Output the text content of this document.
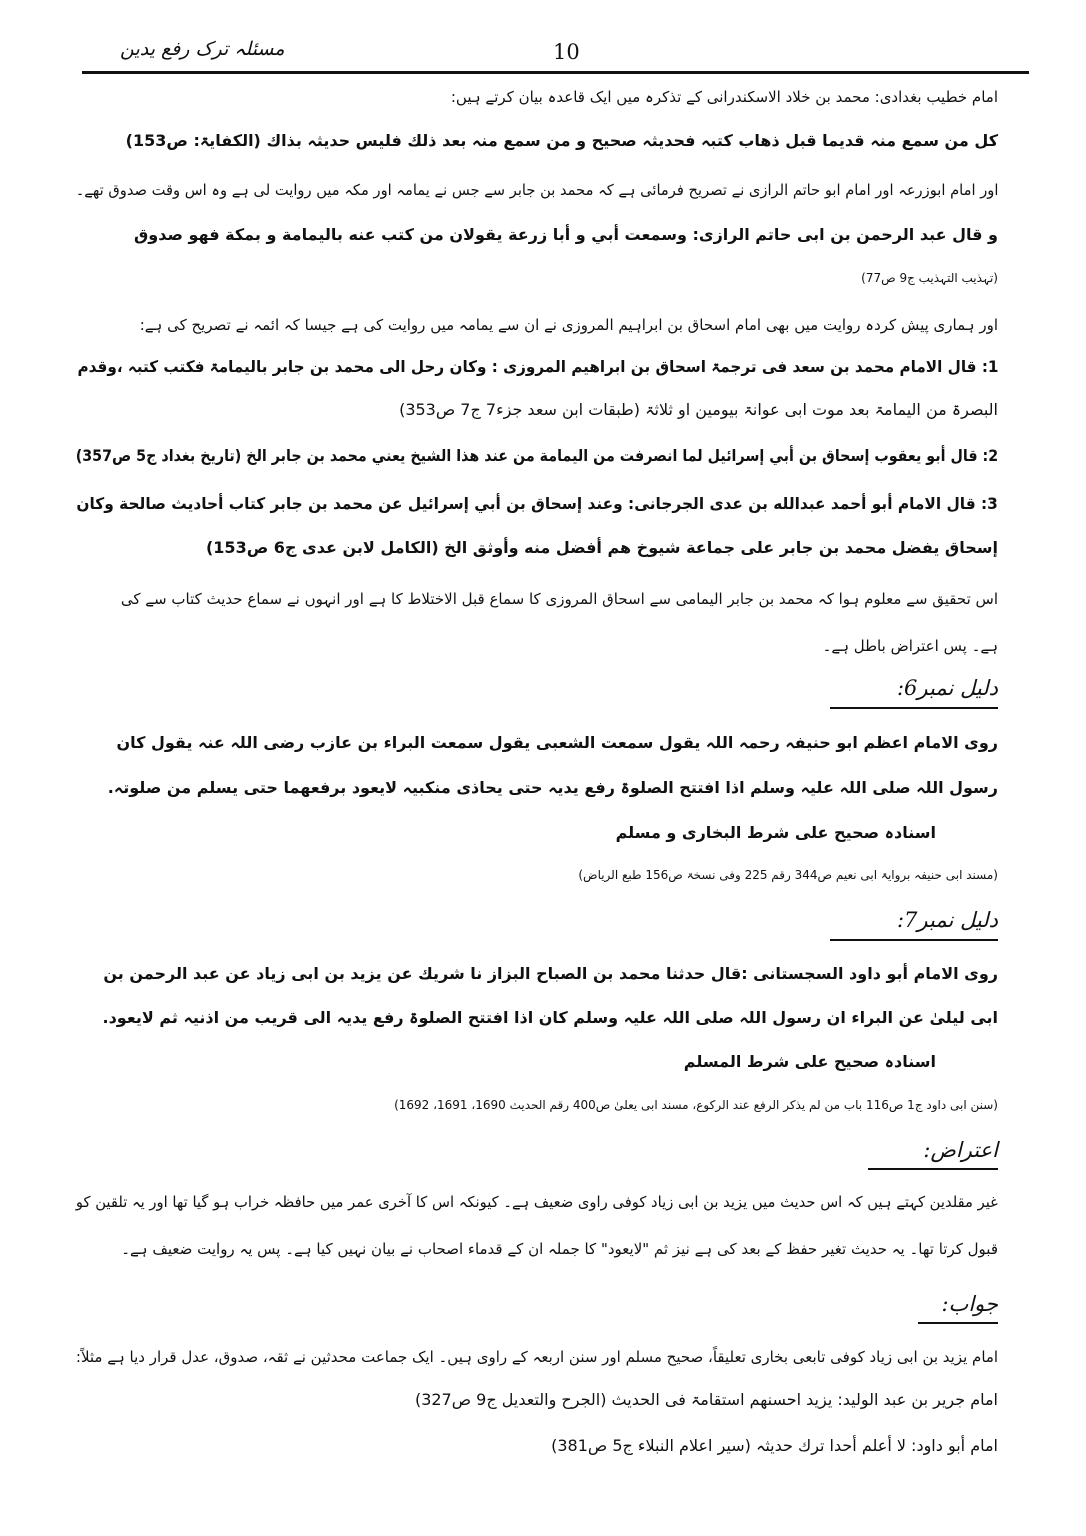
مسئلہ ترک رفع یدین	10
امام خطیب بغدادی: محمد بن خلاد الاسکندرانی کے تذکرہ میں ایک قاعدہ بیان کرتے ہیں:
کل من سمع منہ قدیما قبل ذھاب کتبہ فحدیثہ صحیح و من سمع منہ بعد ذلك فلیس حدیثہ بذاك (الکفایۃ: ص153)
اور امام ابوزرعہ اور امام ابو حاتم الرازی نے تصریح فرمائی ہے کہ محمد بن جابر سے جس نے یمامہ اور مکہ میں روایت لی ہے وہ اس وقت صدوق تھے۔
و قال عبد الرحمن بن ابی حاتم الرازی: وسمعت أبي و أبا زرعة يقولان من كتب عنه باليمامة و بمكة فهو صدوق
(تہذیب التہذیب ج9 ص77)
اور ہماری پیش کردہ روایت میں بھی امام اسحاق بن ابراہیم المروزی نے ان سے یمامہ میں روایت کی ہے جیسا کہ ائمہ نے تصریح کی ہے:
1: قال الامام محمد بن سعد فی ترجمۃ اسحاق بن ابراھیم المروزی : وکان رحل الی محمد بن جابر بالیمامۃ فکتب کتبہ ،وقدم
البصرۃ من الیمامۃ بعد موت ابی عوانۃ بیومین او ثلاثۃ (طبقات ابن سعد جزء7 ج7 ص353)
2: قال أبو يعقوب إسحاق بن أبي إسرائيل لما انصرفت من اليمامة من عند هذا الشيخ يعني محمد بن جابر الخ (تاریخ بغداد ج5 ص357)
3: قال الامام أبو أحمد عبدالله بن عدی الجرجانی: وعند إسحاق بن أبي إسرائيل عن محمد بن جابر كتاب أحاديث صالحة وكان
إسحاق يفضل محمد بن جابر على جماعة شيوخ هم أفضل منه وأوثق الخ (الکامل لابن عدی ج6 ص153)
اس تحقیق سے معلوم ہوا کہ محمد بن جابر الیمامی سے اسحاق المروزی کا سماع قبل الاختلاط کا ہے اور انہوں نے سماع حدیث کتاب سے کی
ہے۔ پس اعتراض باطل ہے۔
دلیل نمبر6:
روی الامام اعظم ابو حنیفہ رحمہ اللہ یقول سمعت الشعبی یقول سمعت البراء بن عازب رضی اللہ عنہ یقول کان
رسول اللہ صلی اللہ علیہ وسلم اذا افتتح الصلوۃ رفع یدیہ حتی یحاذی منکبیہ لایعود برفعھما حتی یسلم من صلوتہ.
اسنادہ صحیح علی شرط البخاری و مسلم
(مسند ابی حنیفہ بروایۃ ابی نعیم ص344 رقم 225 وفی نسخۃ ص156 طبع الریاض)
دلیل نمبر7:
روی الامام أبو داود السجستانی :قال حدثنا محمد بن الصباح البزاز نا شریك عن یزید بن ابی زیاد عن عبد الرحمن بن
ابی لیلیٰ عن البراء ان رسول اللہ صلی اللہ علیہ وسلم کان اذا افتتح الصلوۃ رفع یدیہ الی قریب من اذنیہ ثم لایعود.
اسنادہ صحیح علی شرط المسلم
(سنن ابی داود ج1 ص116 باب من لم یذکر الرفع عند الرکوع، مسند ابی یعلیٰ ص400 رقم الحدیث 1690، 1691، 1692)
اعتراض:
غیر مقلدین کہتے ہیں کہ اس حدیث میں یزید بن ابی زیاد کوفی راوی ضعیف ہے۔ کیونکہ اس کا آخری عمر میں حافظہ خراب ہو گیا تھا اور یہ تلقین کو
قبول کرتا تھا۔ یہ حدیث تغیر حفظ کے بعد کی ہے نیز ثم "لایعود" کا جملہ ان کے قدماء اصحاب نے بیان نہیں کیا ہے۔ پس یہ روایت ضعیف ہے۔
جواب:
امام یزید بن ابی زیاد کوفی تابعی بخاری تعلیقاً، صحیح مسلم اور سنن اربعہ کے راوی ہیں۔ ایک جماعت محدثین نے ثقہ، صدوق، عدل قرار دیا ہے مثلاً:
امام جریر بن عبد الولید: یزید احسنھم استقامۃ فی الحدیث (الجرح والتعدیل ج9 ص327)
امام أبو داود: لا أعلم أحدا ترك حدیثہ (سیر اعلام النبلاء ج5 ص381)
